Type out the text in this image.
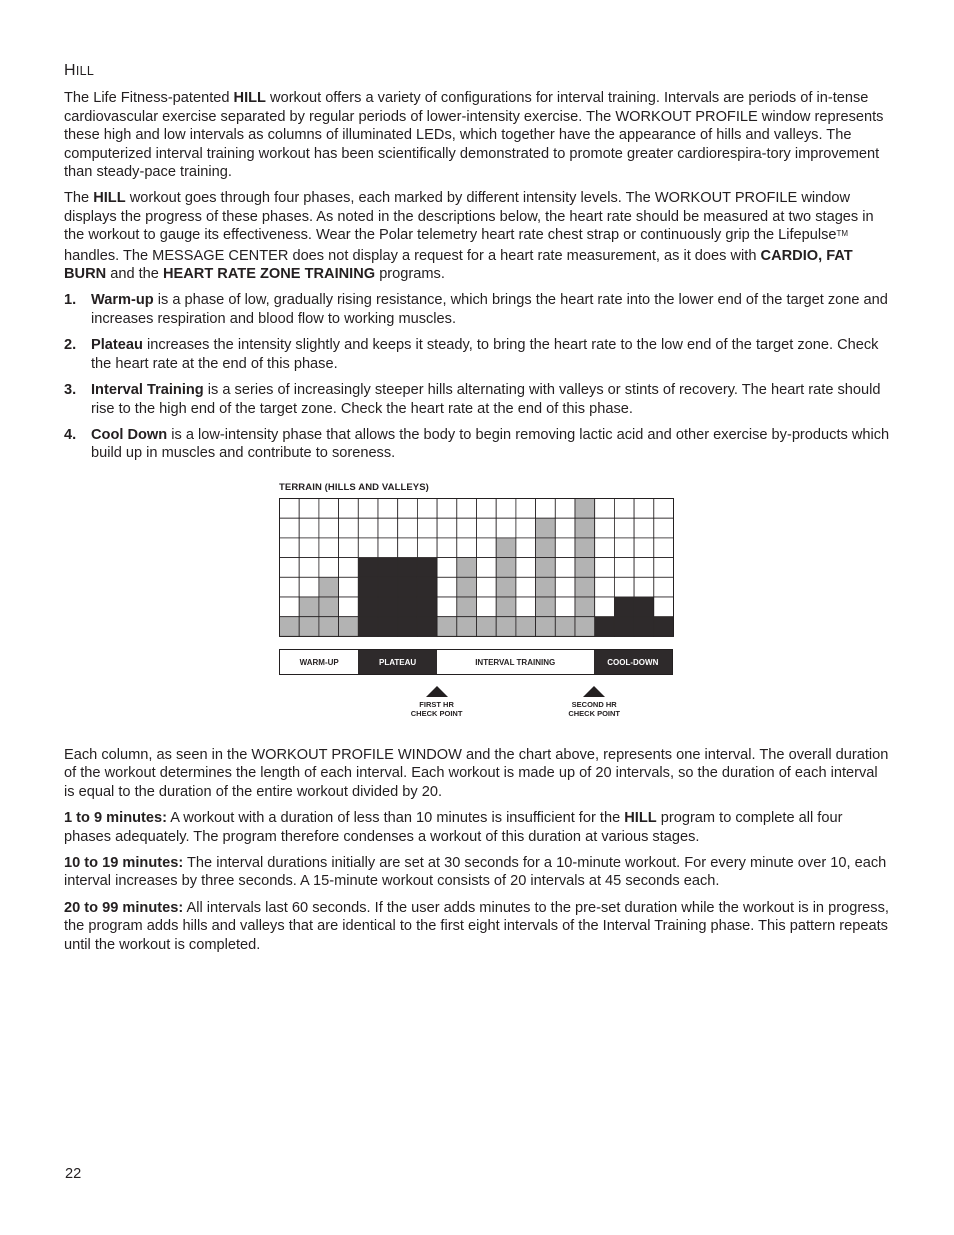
HILL

The Life Fitness-patented HILL workout offers a variety of configurations for interval training. Intervals are periods of in-tense cardiovascular exercise separated by regular periods of lower-intensity exercise. The WORKOUT PROFILE window represents these high and low intervals as columns of illuminated LEDs, which together have the appearance of hills and valleys. The computerized interval training workout has been scientifically demonstrated to promote greater cardiorespira-tory improvement than steady-pace training.

The HILL workout goes through four phases, each marked by different intensity levels. The WORKOUT PROFILE window displays the progress of these phases. As noted in the descriptions below, the heart rate should be measured at two stages in the workout to gauge its effectiveness. Wear the Polar telemetry heart rate chest strap or continuously grip the Lifepulse™ handles. The MESSAGE CENTER does not display a request for a heart rate measurement, as it does with CARDIO, FAT BURN and the HEART RATE ZONE TRAINING programs.

1. Warm-up is a phase of low, gradually rising resistance, which brings the heart rate into the lower end of the target zone and increases respiration and blood flow to working muscles.
2. Plateau increases the intensity slightly and keeps it steady, to bring the heart rate to the low end of the target zone. Check the heart rate at the end of this phase.
3. Interval Training is a series of increasingly steeper hills alternating with valleys or stints of recovery. The heart rate should rise to the high end of the target zone. Check the heart rate at the end of this phase.
4. Cool Down is a low-intensity phase that allows the body to begin removing lactic acid and other exercise by-products which build up in muscles and contribute to soreness.
TERRAIN (HILLS AND VALLEYS)
WARM-UP	PLATEAU	INTERVAL TRAINING	COOL-DOWN
FIRST HR
CHECK POINT
SECOND HR
CHECK POINT

Each column, as seen in the WORKOUT PROFILE WINDOW and the chart above, represents one interval. The overall duration of the workout determines the length of each interval. Each workout is made up of 20 intervals, so the duration of each interval is equal to the duration of the entire workout divided by 20.

1 to 9 minutes: A workout with a duration of less than 10 minutes is insufficient for the HILL program to complete all four phases adequately. The program therefore condenses a workout of this duration at various stages.

10 to 19 minutes: The interval durations initially are set at 30 seconds for a 10-minute workout. For every minute over 10, each interval increases by three seconds. A 15-minute workout consists of 20 intervals at 45 seconds each.

20 to 99 minutes: All intervals last 60 seconds. If the user adds minutes to the pre-set duration while the workout is in progress, the program adds hills and valleys that are identical to the first eight intervals of the Interval Training phase. This pattern repeats until the workout is completed.

22
